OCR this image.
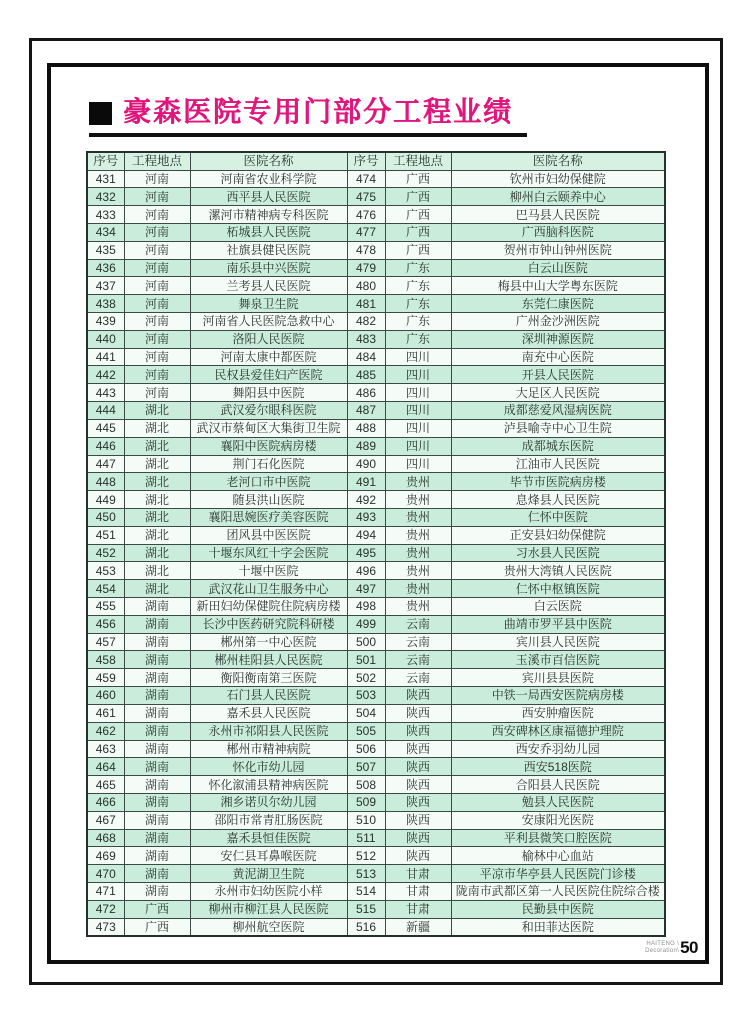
豪森医院专用门部分工程业绩
序号	工程地点	医院名称	序号	工程地点	医院名称
431	河南	河南省农业科学院	474	广西	钦州市妇幼保健院
432	河南	西平县人民医院	475	广西	柳州白云颐养中心
433	河南	漯河市精神病专科医院	476	广西	巴马县人民医院
434	河南	柘城县人民医院	477	广西	广西脑科医院
435	河南	社旗县健民医院	478	广西	贺州市钟山钟州医院
436	河南	南乐县中兴医院	479	广东	白云山医院
437	河南	兰考县人民医院	480	广东	梅县中山大学粤东医院
438	河南	舞泉卫生院	481	广东	东莞仁康医院
439	河南	河南省人民医院急救中心	482	广东	广州金沙洲医院
440	河南	洛阳人民医院	483	广东	深圳神源医院
441	河南	河南太康中都医院	484	四川	南充中心医院
442	河南	民权县爱佳妇产医院	485	四川	开县人民医院
443	河南	舞阳县中医院	486	四川	大足区人民医院
444	湖北	武汉爱尔眼科医院	487	四川	成都慈爱风湿病医院
445	湖北	武汉市蔡甸区大集街卫生院	488	四川	泸县喻寺中心卫生院
446	湖北	襄阳中医院病房楼	489	四川	成都城东医院
447	湖北	荆门石化医院	490	四川	江油市人民医院
448	湖北	老河口市中医院	491	贵州	毕节市医院病房楼
449	湖北	随县洪山医院	492	贵州	息烽县人民医院
450	湖北	襄阳思婉医疗美容医院	493	贵州	仁怀中医院
451	湖北	团风县中医医院	494	贵州	正安县妇幼保健院
452	湖北	十堰东风红十字会医院	495	贵州	习水县人民医院
453	湖北	十堰中医院	496	贵州	贵州大湾镇人民医院
454	湖北	武汉花山卫生服务中心	497	贵州	仁怀中枢镇医院
455	湖南	新田妇幼保健院住院病房楼	498	贵州	白云医院
456	湖南	长沙中医药研究院科研楼	499	云南	曲靖市罗平县中医院
457	湖南	郴州第一中心医院	500	云南	宾川县人民医院
458	湖南	郴州桂阳县人民医院	501	云南	玉溪市百信医院
459	湖南	衡阳衡南第三医院	502	云南	宾川县县医院
460	湖南	石门县人民医院	503	陕西	中铁一局西安医院病房楼
461	湖南	嘉禾县人民医院	504	陕西	西安肿瘤医院
462	湖南	永州市祁阳县人民医院	505	陕西	西安碑林区康福德护理院
463	湖南	郴州市精神病院	506	陕西	西安乔羽幼儿园
464	湖南	怀化市幼儿园	507	陕西	西安518医院
465	湖南	怀化溆浦县精神病医院	508	陕西	合阳县人民医院
466	湖南	湘乡诺贝尔幼儿园	509	陕西	勉县人民医院
467	湖南	邵阳市常青肛肠医院	510	陕西	安康阳光医院
468	湖南	嘉禾县恒佳医院	511	陕西	平利县微笑口腔医院
469	湖南	安仁县耳鼻喉医院	512	陕西	榆林中心血站
470	湖南	黄泥湖卫生院	513	甘肃	平凉市华亭县人民医院门诊楼
471	湖南	永州市妇幼医院小样	514	甘肃	陇南市武都区第一人民医院住院综合楼
472	广西	柳州市柳江县人民医院	515	甘肃	民勤县中医院
473	广西	柳州航空医院	516	新疆	和田菲达医院
HAITENG \
Decoration\ 50
